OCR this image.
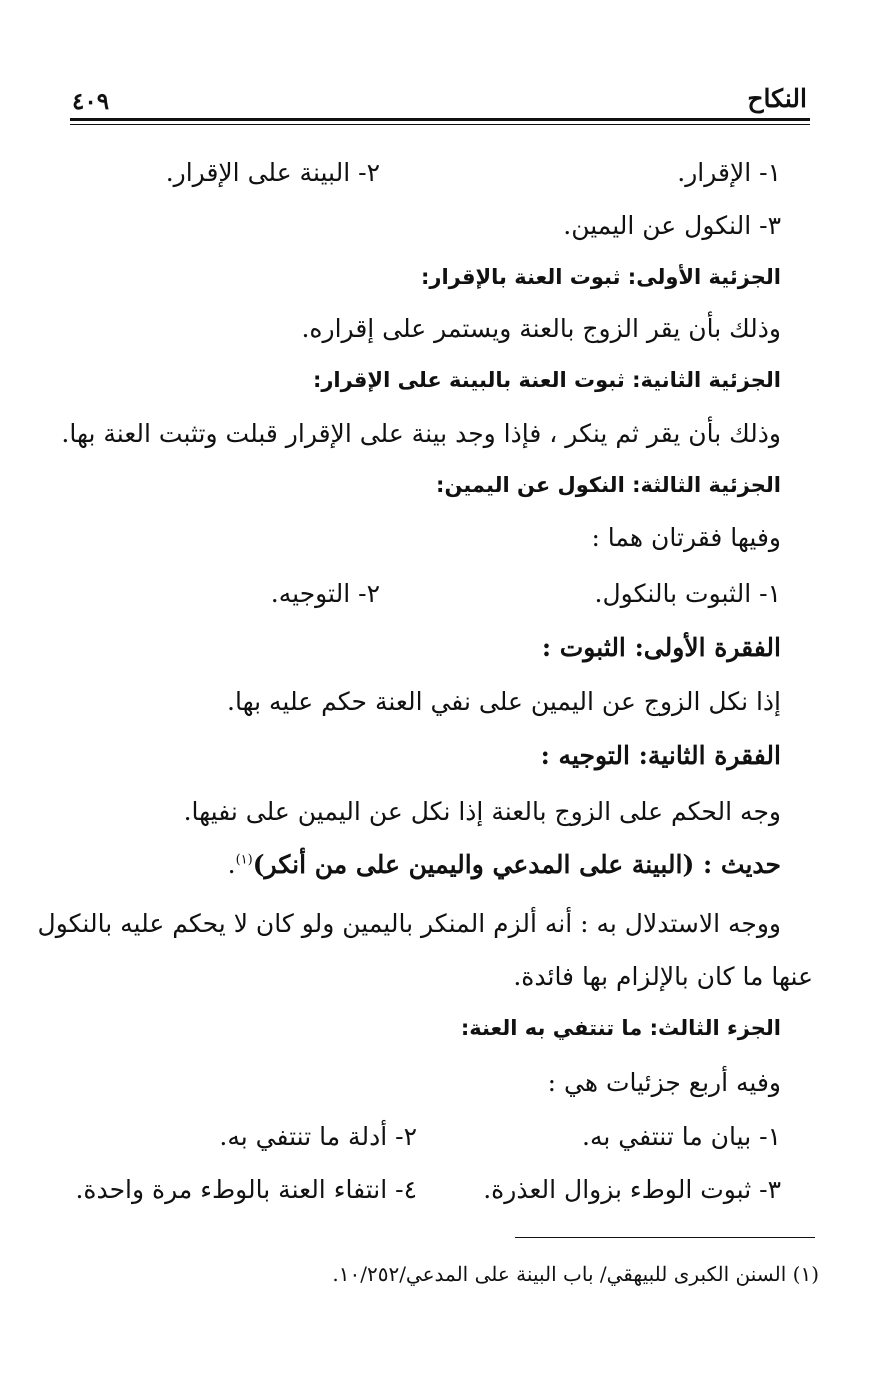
النكاح
٤٠٩
١- الإقرار.
٢- البينة على الإقرار.
٣- النكول عن اليمين.
الجزئية الأولى: ثبوت العنة بالإقرار:
وذلك بأن يقر الزوج بالعنة ويستمر على إقراره.
الجزئية الثانية: ثبوت العنة بالبينة على الإقرار:
وذلك بأن يقر ثم ينكر ، فإذا وجد بينة على الإقرار قبلت وتثبت العنة بها.
الجزئية الثالثة: النكول عن اليمين:
وفيها فقرتان هما :
١- الثبوت بالنكول.
٢- التوجيه.
الفقرة الأولى: الثبوت :
إذا نكل الزوج عن اليمين على نفي العنة حكم عليه بها.
الفقرة الثانية: التوجيه :
وجه الحكم على الزوج بالعنة إذا نكل عن اليمين على نفيها.
حديث : (البينة على المدعي واليمين على من أنكر)$^{(١)}$.
ووجه الاستدلال به : أنه ألزم المنكر باليمين ولو كان لا يحكم عليه بالنكول
عنها ما كان بالإلزام بها فائدة.
الجزء الثالث: ما تنتفي به العنة:
وفيه أربع جزئيات هي :
١- بيان ما تنتفي به.
٢- أدلة ما تنتفي به.
٣- ثبوت الوطء بزوال العذرة.
٤- انتفاء العنة بالوطء مرة واحدة.
(١) السنن الكبرى للبيهقي/ باب البينة على المدعي/١٠/٢٥٢.
